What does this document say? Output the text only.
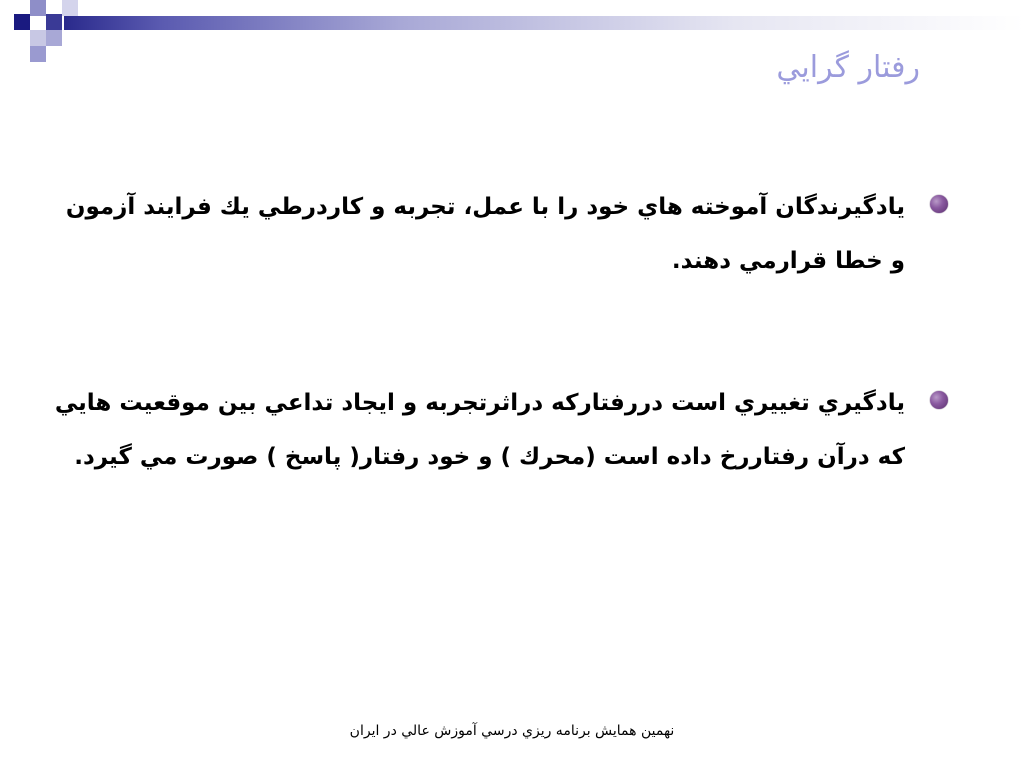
رفتار گرايي
يادگيرندگان آموخته هاي خود را با عمل، تجربه و كاردرطي يك فرايند آزمون و خطا قرارمي دهند.
يادگيري تغييري است دررفتاركه دراثرتجربه و ايجاد تداعي بين موقعيت هايي كه درآن رفتاررخ داده است (محرك ) و خود رفتار( پاسخ ) صورت مي گيرد.
نهمين همايش برنامه ريزي درسي آموزش عالي در ايران
